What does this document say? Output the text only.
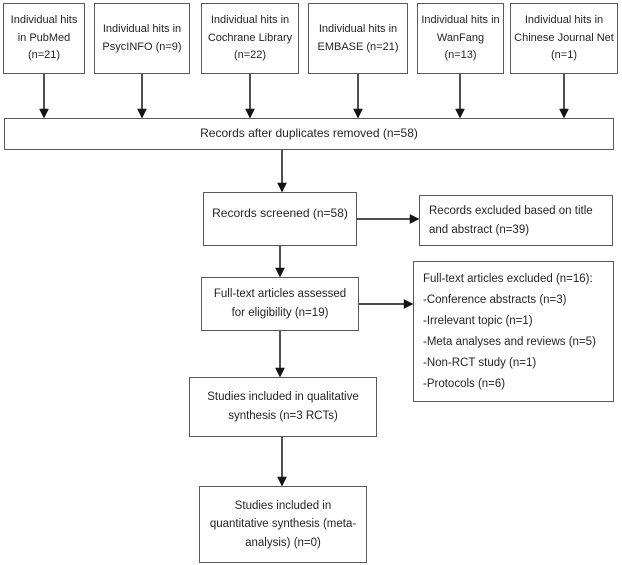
Individual hits in PubMed (n=21)
Individual hits in PsycINFO (n=9)
Individual hits in Cochrane Library (n=22)
Individual hits in EMBASE (n=21)
Individual hits in WanFang (n=13)
Individual hits in Chinese Journal Net (n=1)
Records after duplicates removed (n=58)
Records screened (n=58)	Records excluded based on title and abstract (n=39)
Full-text articles assessed for eligibility (n=19)
Full-text articles excluded (n=16):
-Conference abstracts (n=3)
-Irrelevant topic (n=1)
-Meta analyses and reviews (n=5)
-Non-RCT study (n=1)
-Protocols (n=6)
Studies included in qualitative synthesis (n=3 RCTs)
Studies included in quantitative synthesis (meta-analysis) (n=0)
